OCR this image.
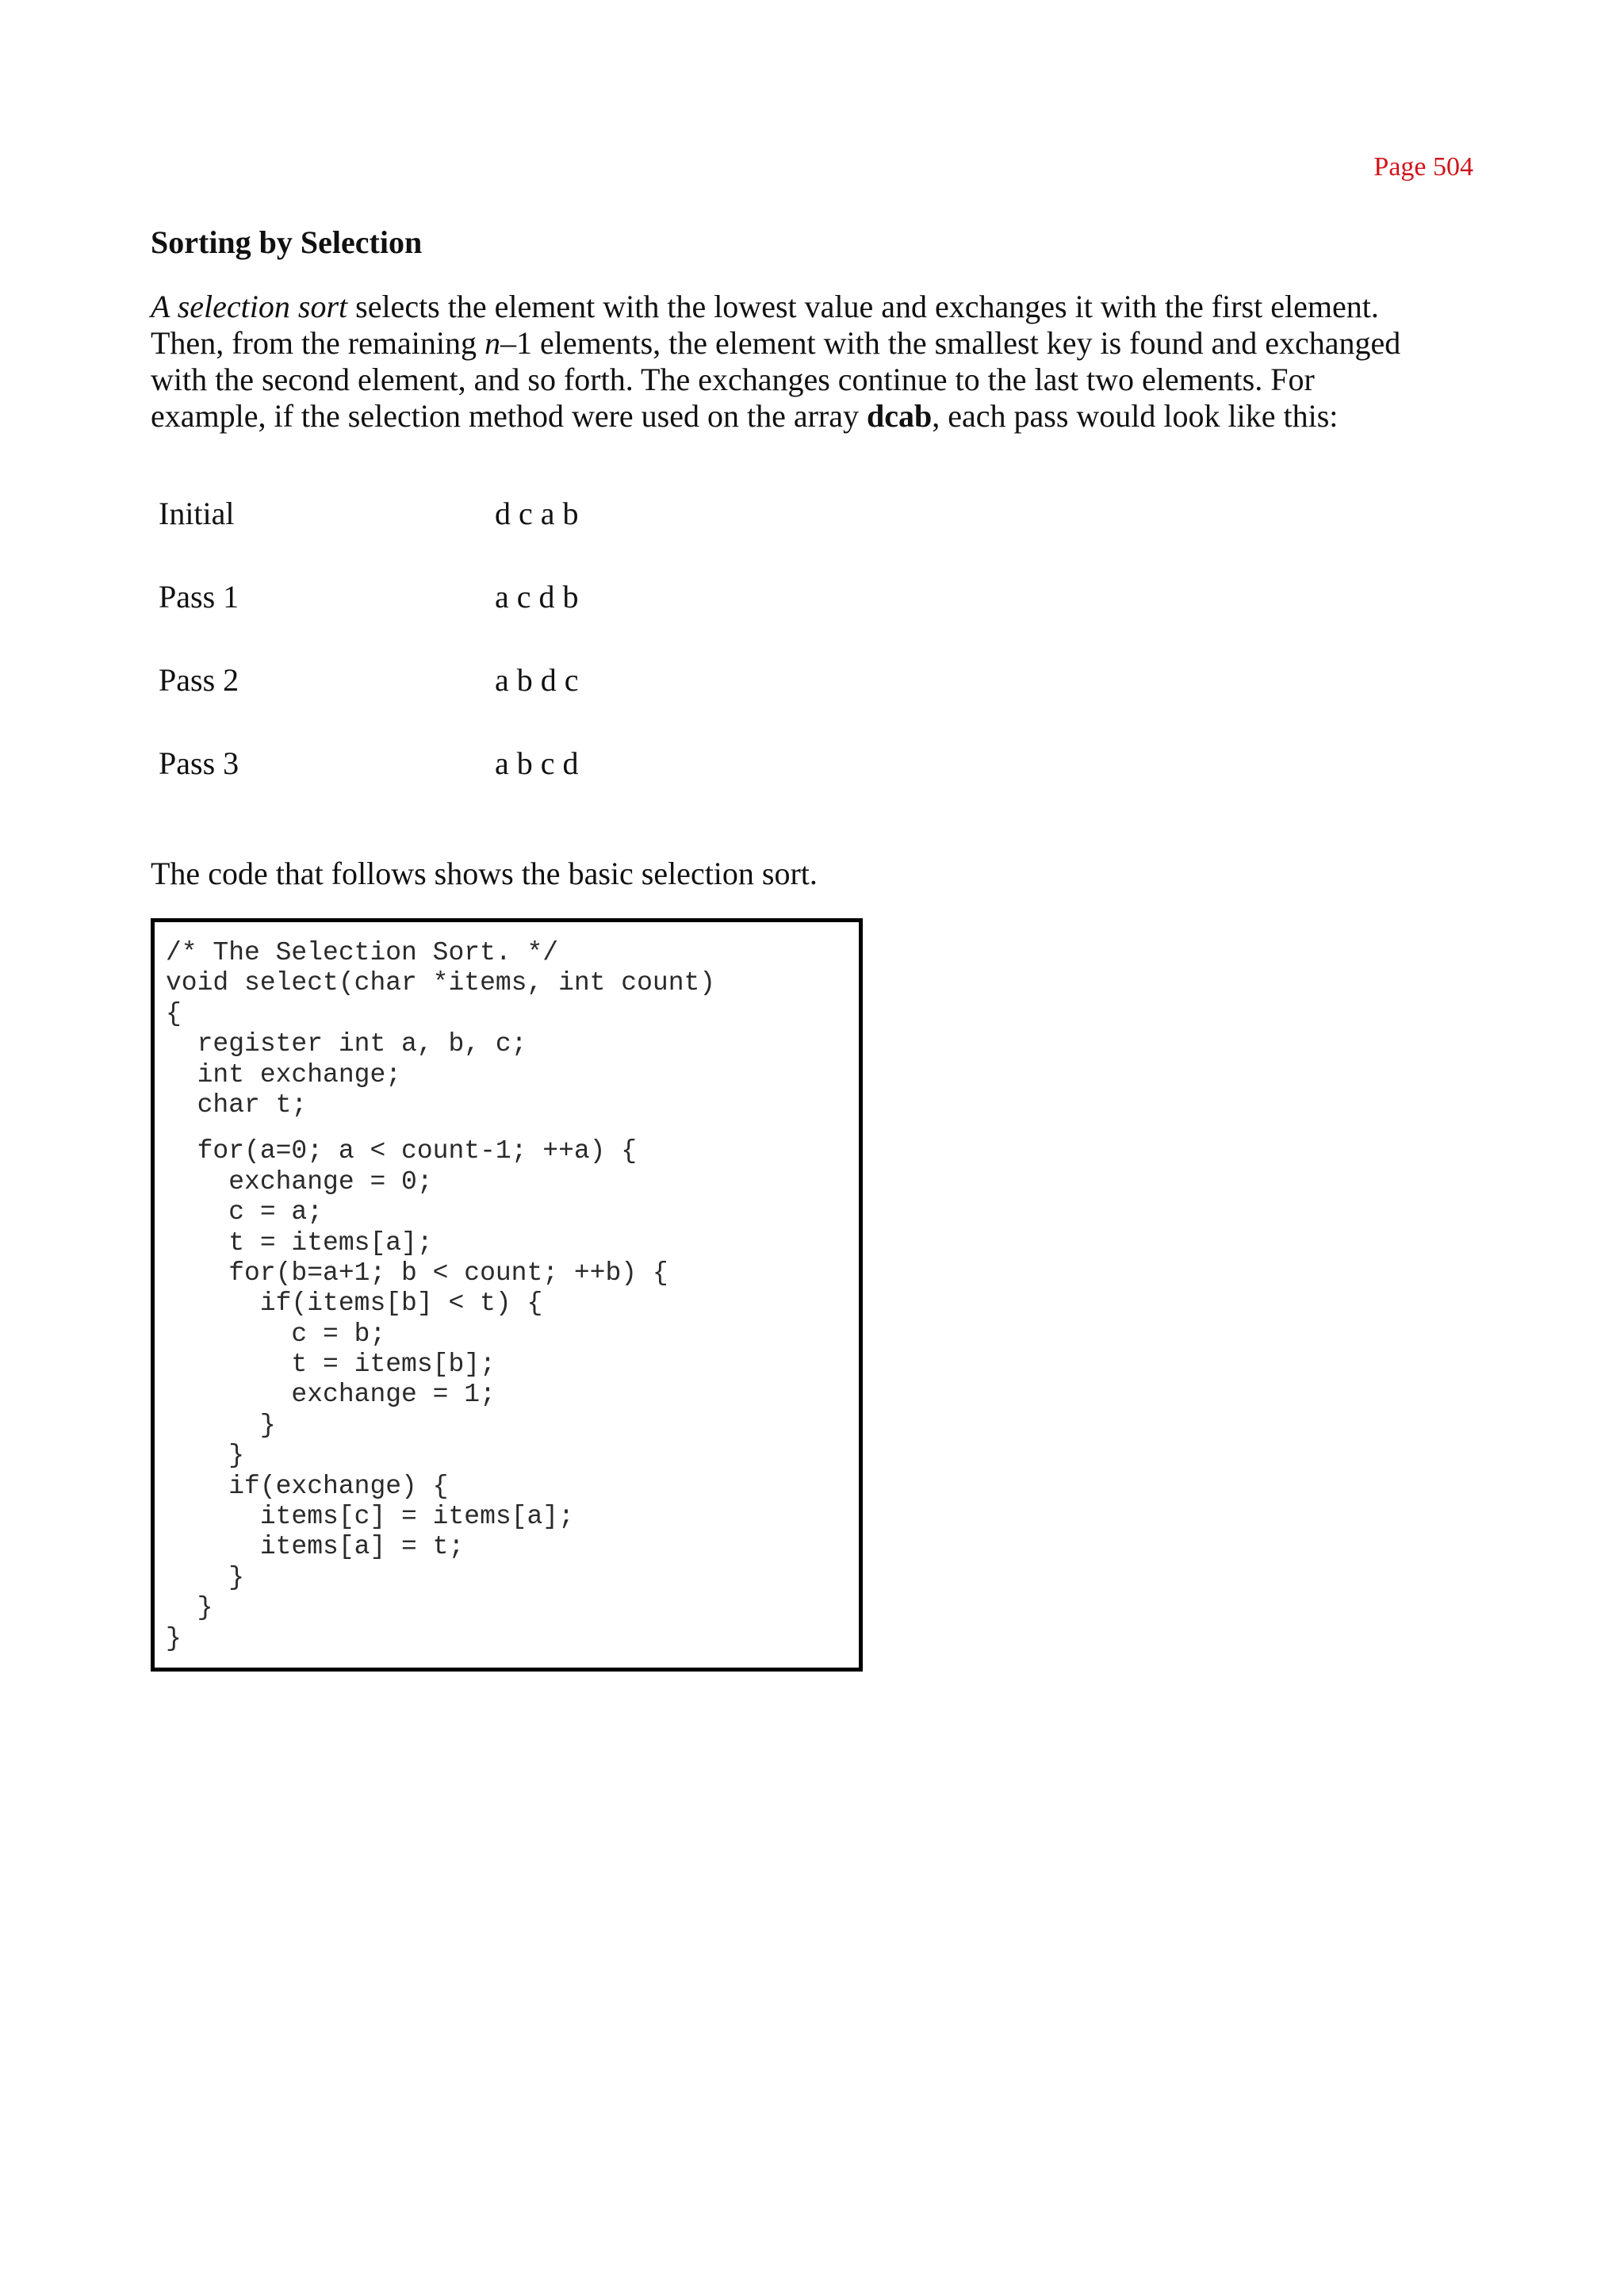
Page 504
Sorting by Selection

A selection sort selects the element with the lowest value and exchanges it with the first element.
Then, from the remaining n–1 elements, the element with the smallest key is found and exchanged
with the second element, and so forth. The exchanges continue to the last two elements. For
example, if the selection method were used on the array dcab, each pass would look like this:

Initial	d c a b
Pass 1	a c d b
Pass 2	a b d c
Pass 3	a b c d

The code that follows shows the basic selection sort.

/* The Selection Sort. */
void select(char *items, int count)
{
register int a, b, c;
int exchange;
char t;
for(a=0; a < count-1; ++a) {
exchange = 0;
c = a;
t = items[a];
for(b=a+1; b < count; ++b) {
if(items[b] < t) {
c = b;
t = items[b];
exchange = 1;
}
}
if(exchange) {
items[c] = items[a];
items[a] = t;
}
}
}
